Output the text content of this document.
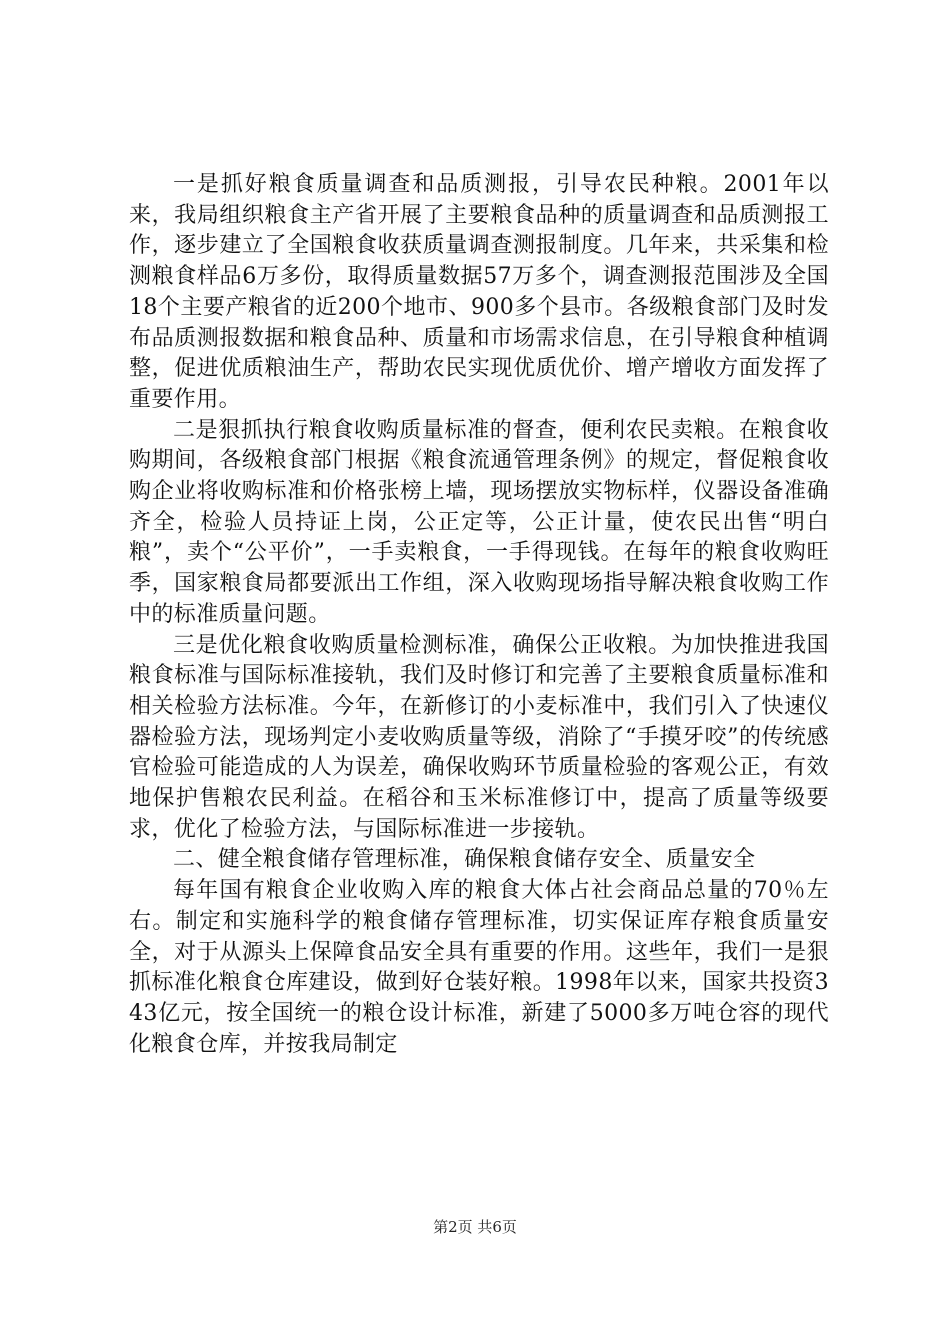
一是抓好粮食质量调查和品质测报，引导农民种粮。2001年以来，我局组织粮食主产省开展了主要粮食品种的质量调查和品质测报工作，逐步建立了全国粮食收获质量调查测报制度。几年来，共采集和检测粮食样品6万多份，取得质量数据57万多个，调查测报范围涉及全国18个主要产粮省的近200个地市、900多个县市。各级粮食部门及时发布品质测报数据和粮食品种、质量和市场需求信息，在引导粮食种植调整，促进优质粮油生产，帮助农民实现优质优价、增产增收方面发挥了重要作用。

二是狠抓执行粮食收购质量标准的督查，便利农民卖粮。在粮食收购期间，各级粮食部门根据《粮食流通管理条例》的规定，督促粮食收购企业将收购标准和价格张榜上墙，现场摆放实物标样，仪器设备准确齐全，检验人员持证上岗，公正定等，公正计量，使农民出售“明白粮”，卖个“公平价”，一手卖粮食，一手得现钱。在每年的粮食收购旺季，国家粮食局都要派出工作组，深入收购现场指导解决粮食收购工作中的标准质量问题。

三是优化粮食收购质量检测标准，确保公正收粮。为加快推进我国粮食标准与国际标准接轨，我们及时修订和完善了主要粮食质量标准和相关检验方法标准。今年，在新修订的小麦标准中，我们引入了快速仪器检验方法，现场判定小麦收购质量等级，消除了“手摸牙咬”的传统感官检验可能造成的人为误差，确保收购环节质量检验的客观公正，有效地保护售粮农民利益。在稻谷和玉米标准修订中，提高了质量等级要求，优化了检验方法，与国际标准进一步接轨。

二、健全粮食储存管理标准，确保粮食储存安全、质量安全

每年国有粮食企业收购入库的粮食大体占社会商品总量的70％左右。制定和实施科学的粮食储存管理标准，切实保证库存粮食质量安全，对于从源头上保障食品安全具有重要的作用。这些年，我们一是狠抓标准化粮食仓库建设，做到好仓装好粮。1998年以来，国家共投资343亿元，按全国统一的粮仓设计标准，新建了5000多万吨仓容的现代化粮食仓库，并按我局制定

第2页 共6页
